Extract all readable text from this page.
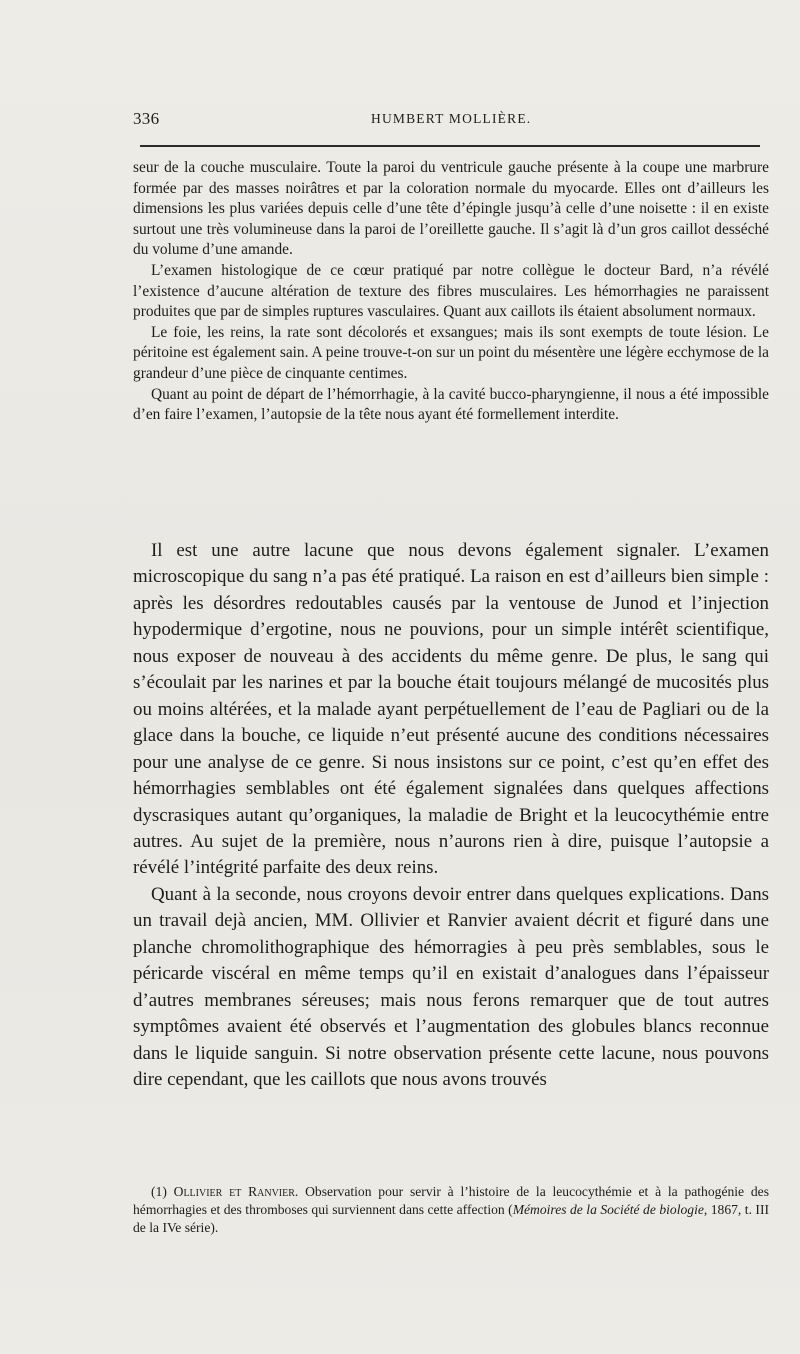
336	HUMBERT MOLLIÈRE.

seur de la couche musculaire. Toute la paroi du ventricule gauche présente à la coupe une marbrure formée par des masses noirâtres et par la coloration normale du myocarde. Elles ont d’ailleurs les dimensions les plus variées depuis celle d’une tête d’épingle jusqu’à celle d’une noisette : il en existe surtout une très volumineuse dans la paroi de l’oreillette gauche. Il s’agit là d’un gros caillot desséché du volume d’une amande.

L’examen histologique de ce cœur pratiqué par notre collègue le docteur Bard, n’a révélé l’existence d’aucune altération de texture des fibres musculaires. Les hémorrhagies ne paraissent produites que par de simples ruptures vasculaires. Quant aux caillots ils étaient absolument normaux.

Le foie, les reins, la rate sont décolorés et exsangues; mais ils sont exempts de toute lésion. Le péritoine est également sain. A peine trouve-t-on sur un point du mésentère une légère ecchymose de la grandeur d’une pièce de cinquante centimes.

Quant au point de départ de l’hémorrhagie, à la cavité bucco-pharyngienne, il nous a été impossible d’en faire l’examen, l’autopsie de la tête nous ayant été formellement interdite.

Il est une autre lacune que nous devons également signaler. L’examen microscopique du sang n’a pas été pratiqué. La raison en est d’ailleurs bien simple : après les désordres redoutables causés par la ventouse de Junod et l’injection hypodermique d’ergotine, nous ne pouvions, pour un simple intérêt scientifique, nous exposer de nouveau à des accidents du même genre. De plus, le sang qui s’écoulait par les narines et par la bouche était toujours mélangé de mucosités plus ou moins altérées, et la malade ayant perpétuellement de l’eau de Pagliari ou de la glace dans la bouche, ce liquide n’eut présenté aucune des conditions nécessaires pour une analyse de ce genre. Si nous insistons sur ce point, c’est qu’en effet des hémorrhagies semblables ont été également signalées dans quelques affections dyscrasiques autant qu’organiques, la maladie de Bright et la leucocythémie entre autres. Au sujet de la première, nous n’aurons rien à dire, puisque l’autopsie a révélé l’intégrité parfaite des deux reins.

Quant à la seconde, nous croyons devoir entrer dans quelques explications. Dans un travail dejà ancien, MM. Ollivier et Ranvier avaient décrit et figuré dans une planche chromolithographique des hémorragies à peu près semblables, sous le péricarde viscéral en même temps qu’il en existait d’analogues dans l’épaisseur d’autres membranes séreuses; mais nous ferons remarquer que de tout autres symptômes avaient été observés et l’augmentation des globules blancs reconnue dans le liquide sanguin. Si notre observation présente cette lacune, nous pouvons dire cependant, que les caillots que nous avons trouvés

(1) Ollivier et Ranvier. Observation pour servir à l’histoire de la leucocythémie et à la pathogénie des hémorrhagies et des thromboses qui surviennent dans cette affection (Mémoires de la Société de biologie, 1867, t. III de la IVe série).
